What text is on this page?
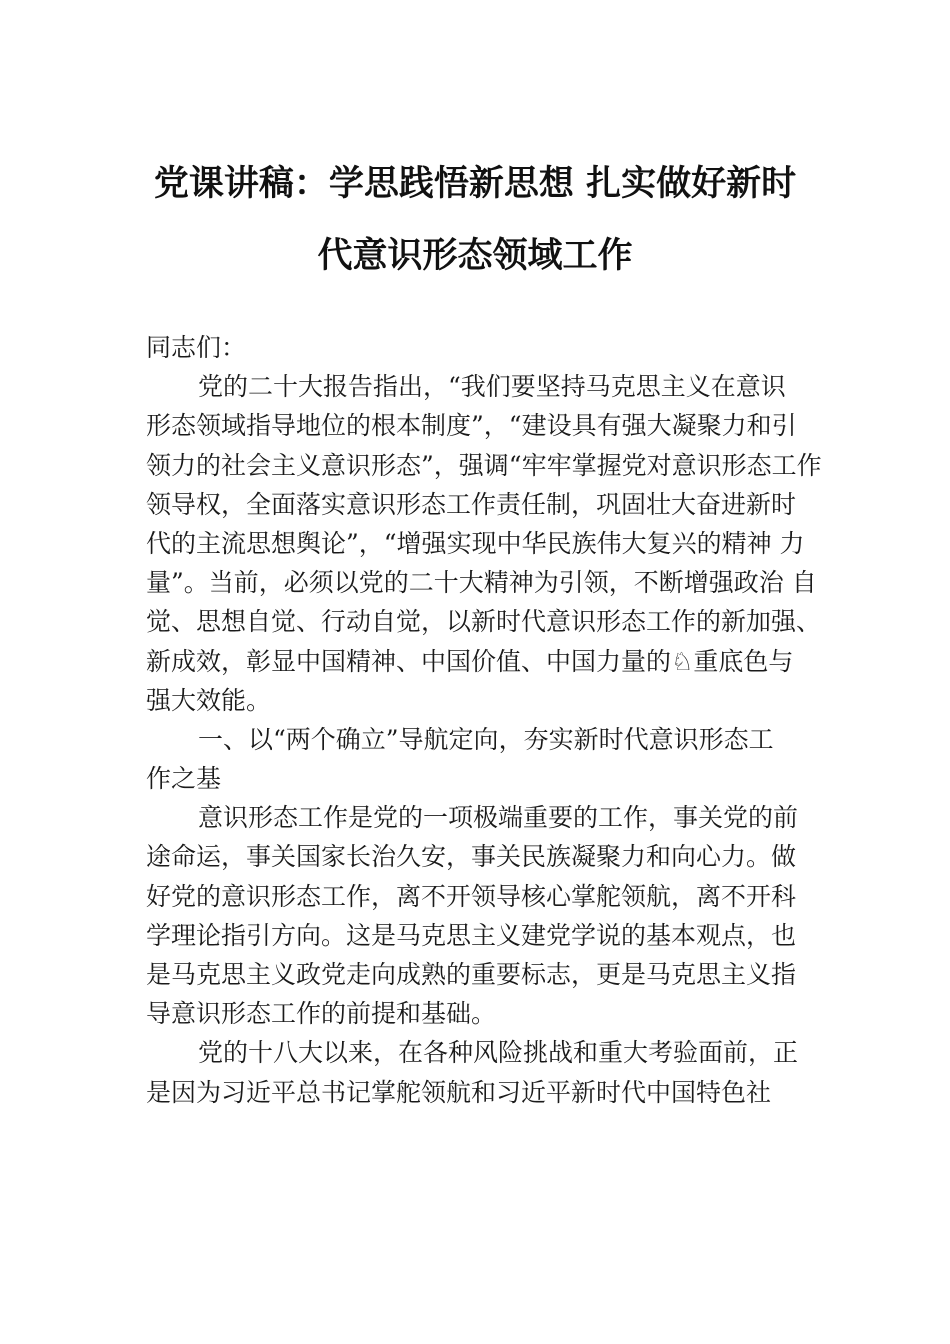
党课讲稿：学思践悟新思想 扎实做好新时
代意识形态领域工作
同志们：
党的二十大报告指出，“我们要坚持马克思主义在意识
形态领域指导地位的根本制度”，“建设具有强大凝聚力和引
领力的社会主义意识形态”，强调“牢牢掌握党对意识形态工作
领导权，全面落实意识形态工作责任制，巩固壮大奋进新时
代的主流思想舆论”，“增强实现中华民族伟大复兴的精神 力
量”。当前，必须以党的二十大精神为引领，不断增强政治 自
觉、思想自觉、行动自觉，以新时代意识形态工作的新加强、
新成效，彰显中国精神、中国价值、中国力量的♘重底色与
强大效能。
一、以“两个确立”导航定向，夯实新时代意识形态工
作之基
意识形态工作是党的一项极端重要的工作，事关党的前
途命运，事关国家长治久安，事关民族凝聚力和向心力。做
好党的意识形态工作，离不开领导核心掌舵领航，离不开科
学理论指引方向。这是马克思主义建党学说的基本观点，也
是马克思主义政党走向成熟的重要标志，更是马克思主义指
导意识形态工作的前提和基础。
党的十八大以来，在各种风险挑战和重大考验面前，正
是因为习近平总书记掌舵领航和习近平新时代中国特色社
